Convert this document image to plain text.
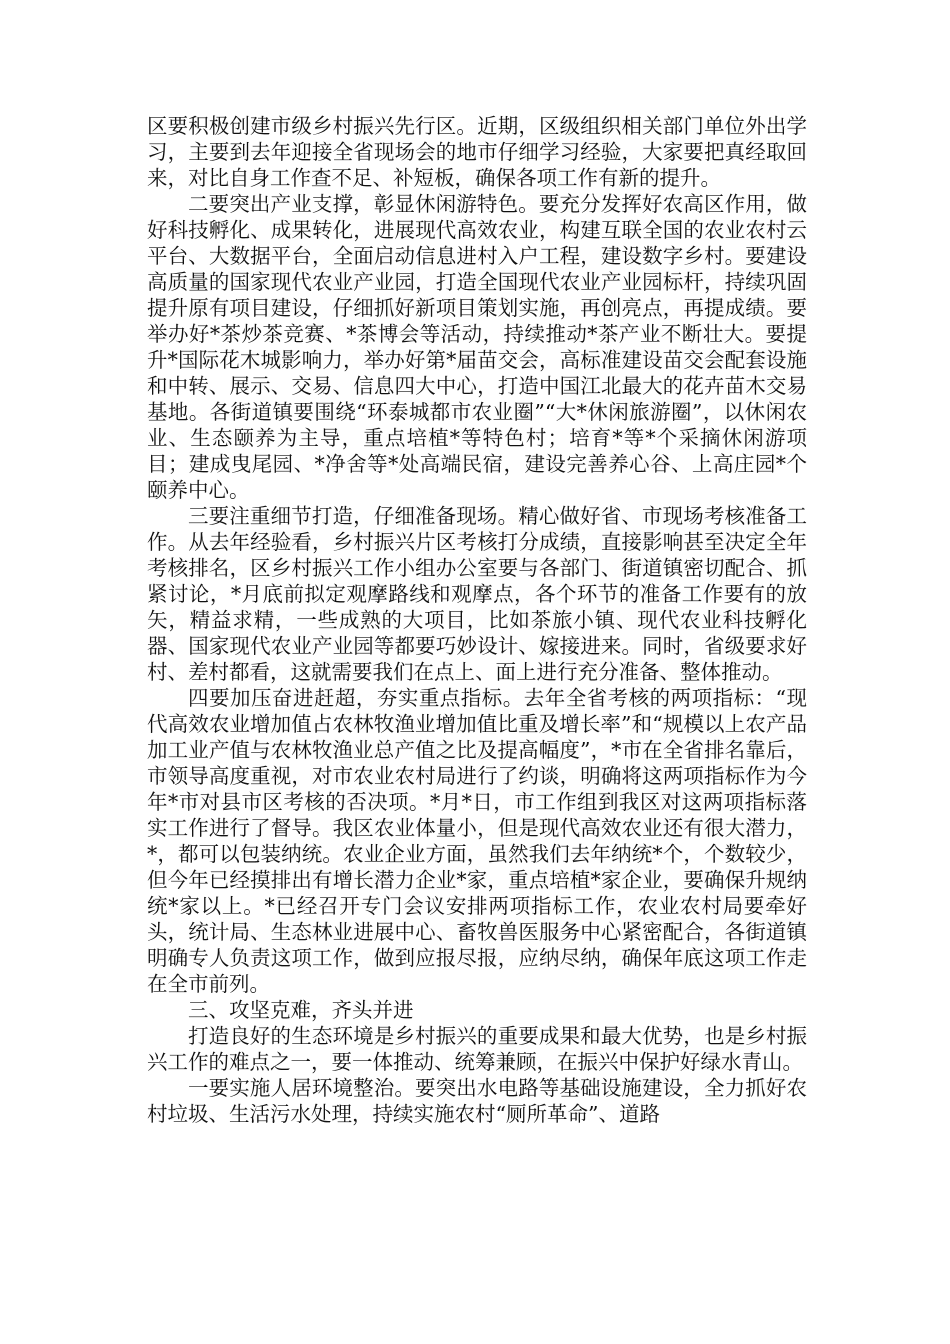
区要积极创建市级乡村振兴先行区。近期，区级组织相关部门单位外出学习，主要到去年迎接全省现场会的地市仔细学习经验，大家要把真经取回来，对比自身工作查不足、补短板，确保各项工作有新的提升。

二要突出产业支撑，彰显休闲游特色。要充分发挥好农高区作用，做好科技孵化、成果转化，进展现代高效农业，构建互联全国的农业农村云平台、大数据平台，全面启动信息进村入户工程，建设数字乡村。要建设高质量的国家现代农业产业园，打造全国现代农业产业园标杆，持续巩固提升原有项目建设，仔细抓好新项目策划实施，再创亮点，再提成绩。要举办好*茶炒茶竞赛、*茶博会等活动，持续推动*茶产业不断壮大。要提升*国际花木城影响力，举办好第*届苗交会，高标准建设苗交会配套设施和中转、展示、交易、信息四大中心，打造中国江北最大的花卉苗木交易基地。各街道镇要围绕“环泰城都市农业圈”“大*休闲旅游圈”，以休闲农业、生态颐养为主导，重点培植*等特色村；培育*等*个采摘休闲游项目；建成曳尾园、*净舍等*处高端民宿，建设完善养心谷、上高庄园*个颐养中心。

三要注重细节打造，仔细准备现场。精心做好省、市现场考核准备工作。从去年经验看，乡村振兴片区考核打分成绩，直接影响甚至决定全年考核排名，区乡村振兴工作小组办公室要与各部门、街道镇密切配合、抓紧讨论，*月底前拟定观摩路线和观摩点，各个环节的准备工作要有的放矢，精益求精，一些成熟的大项目，比如茶旅小镇、现代农业科技孵化器、国家现代农业产业园等都要巧妙设计、嫁接进来。同时，省级要求好村、差村都看，这就需要我们在点上、面上进行充分准备、整体推动。

四要加压奋进赶超，夯实重点指标。去年全省考核的两项指标：“现代高效农业增加值占农林牧渔业增加值比重及增长率”和“规模以上农产品加工业产值与农林牧渔业总产值之比及提高幅度”，*市在全省排名靠后，市领导高度重视，对市农业农村局进行了约谈，明确将这两项指标作为今年*市对县市区考核的否决项。*月*日，市工作组到我区对这两项指标落实工作进行了督导。我区农业体量小，但是现代高效农业还有很大潜力，*，都可以包装纳统。农业企业方面，虽然我们去年纳统*个，个数较少，但今年已经摸排出有增长潜力企业*家，重点培植*家企业，要确保升规纳统*家以上。*已经召开专门会议安排两项指标工作，农业农村局要牵好头，统计局、生态林业进展中心、畜牧兽医服务中心紧密配合，各街道镇明确专人负责这项工作，做到应报尽报，应纳尽纳，确保年底这项工作走在全市前列。

三、攻坚克难，齐头并进

打造良好的生态环境是乡村振兴的重要成果和最大优势，也是乡村振兴工作的难点之一，要一体推动、统筹兼顾，在振兴中保护好绿水青山。

一要实施人居环境整治。要突出水电路等基础设施建设，全力抓好农村垃圾、生活污水处理，持续实施农村“厕所革命”、道路
